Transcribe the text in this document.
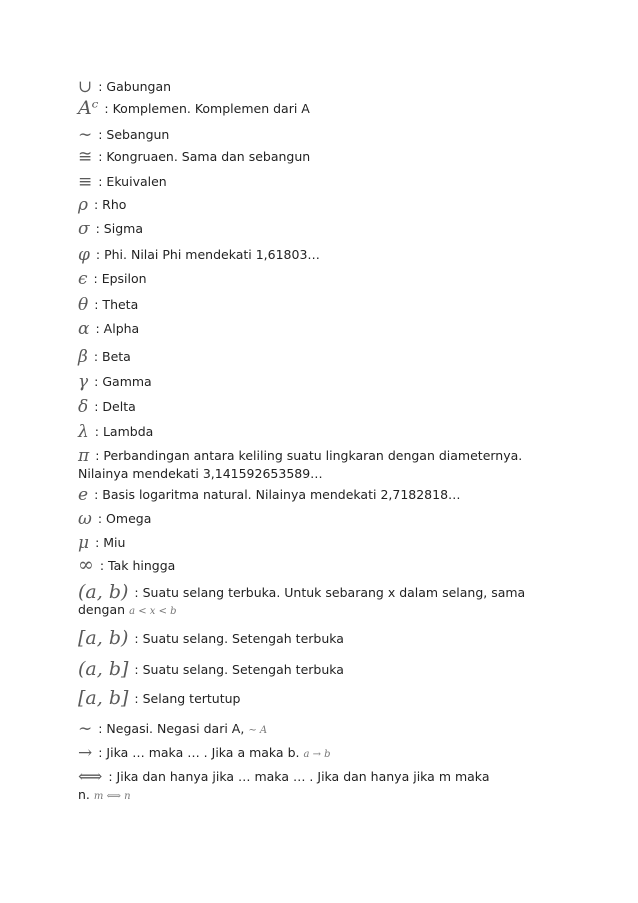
∪ : Gabungan
Aᶜ : Komplemen. Komplemen dari A
∼ : Sebangun
≅ : Kongruaen. Sama dan sebangun
≡ : Ekuivalen
ρ : Rho
σ : Sigma
φ : Phi. Nilai Phi mendekati 1,61803…
ϵ : Epsilon
θ : Theta
α : Alpha
β : Beta
γ : Gamma
δ : Delta
λ : Lambda
π : Perbandingan antara keliling suatu lingkaran dengan diameternya.
Nilainya mendekati 3,141592653589…
e : Basis logaritma natural. Nilainya mendekati 2,7182818…
ω : Omega
μ : Miu
∞ : Tak hingga
(a, b) : Suatu selang terbuka. Untuk sebarang x dalam selang, sama
dengan a < x < b
[a, b) : Suatu selang. Setengah terbuka
(a, b] : Suatu selang. Setengah terbuka
[a, b] : Selang tertutup
∼ : Negasi. Negasi dari A, ∼ A
→ : Jika … maka … . Jika a maka b. a → b
⟺ : Jika dan hanya jika … maka … . Jika dan hanya jika m maka
n. m ⟺ n
